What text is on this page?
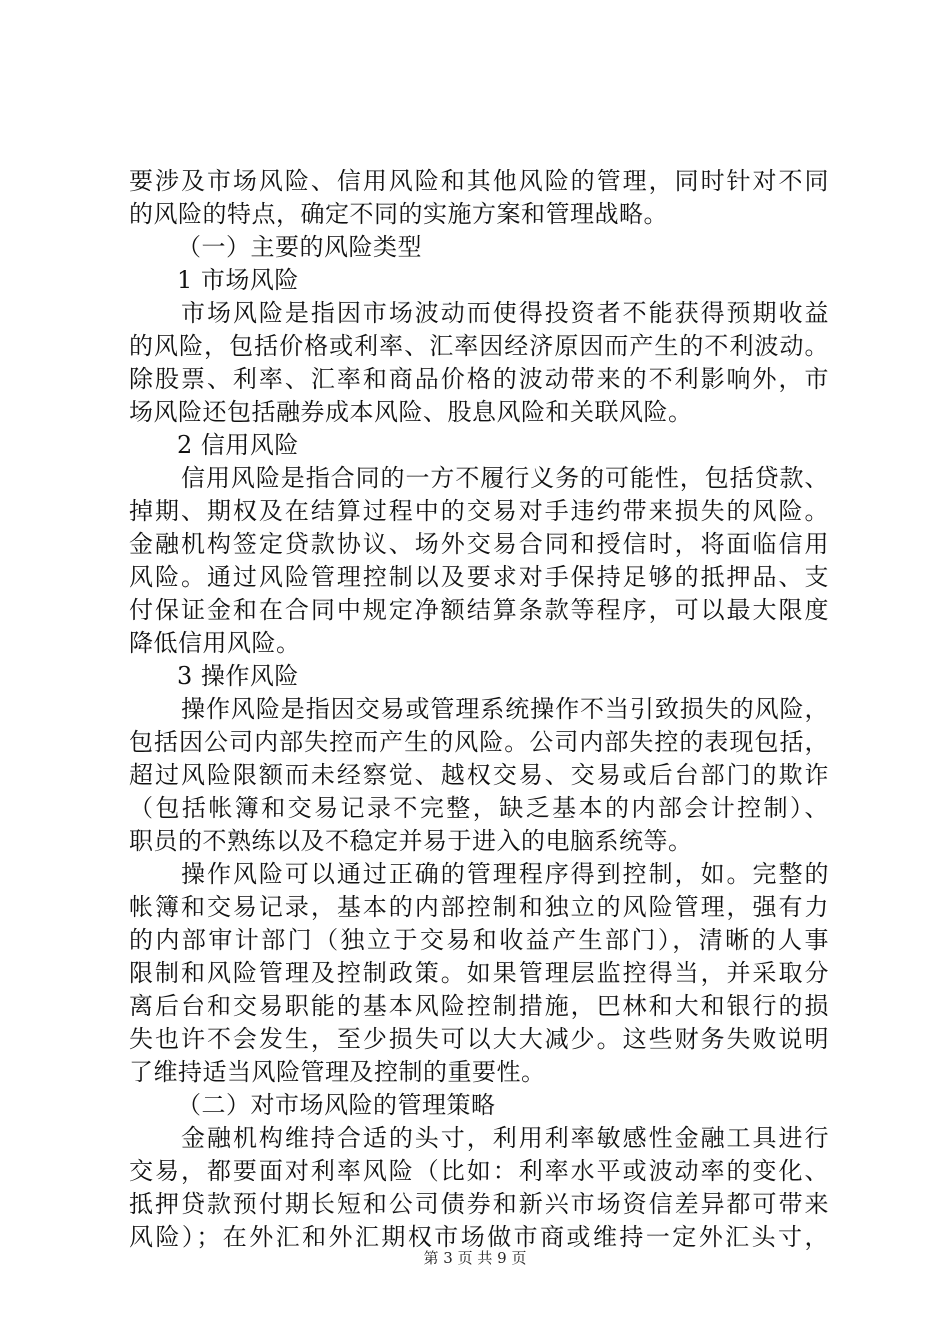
要涉及市场风险、信用风险和其他风险的管理，同时针对不同
的风险的特点，确定不同的实施方案和管理战略。
（一）主要的风险类型
1 市场风险
市场风险是指因市场波动而使得投资者不能获得预期收益
的风险，包括价格或利率、汇率因经济原因而产生的不利波动。
除股票、利率、汇率和商品价格的波动带来的不利影响外，市
场风险还包括融券成本风险、股息风险和关联风险。
2 信用风险
信用风险是指合同的一方不履行义务的可能性，包括贷款、
掉期、期权及在结算过程中的交易对手违约带来损失的风险。
金融机构签定贷款协议、场外交易合同和授信时，将面临信用
风险。通过风险管理控制以及要求对手保持足够的抵押品、支
付保证金和在合同中规定净额结算条款等程序，可以最大限度
降低信用风险。
3 操作风险
操作风险是指因交易或管理系统操作不当引致损失的风险，
包括因公司内部失控而产生的风险。公司内部失控的表现包括，
超过风险限额而未经察觉、越权交易、交易或后台部门的欺诈
（包括帐簿和交易记录不完整，缺乏基本的内部会计控制）、
职员的不熟练以及不稳定并易于进入的电脑系统等。
操作风险可以通过正确的管理程序得到控制，如。完整的
帐簿和交易记录，基本的内部控制和独立的风险管理，强有力
的内部审计部门（独立于交易和收益产生部门），清晰的人事
限制和风险管理及控制政策。如果管理层监控得当，并采取分
离后台和交易职能的基本风险控制措施，巴林和大和银行的损
失也许不会发生，至少损失可以大大减少。这些财务失败说明
了维持适当风险管理及控制的重要性。
（二）对市场风险的管理策略
金融机构维持合适的头寸，利用利率敏感性金融工具进行
交易，都要面对利率风险（比如：利率水平或波动率的变化、
抵押贷款预付期长短和公司债券和新兴市场资信差异都可带来
风险）；在外汇和外汇期权市场做市商或维持一定外汇头寸，
第 3 页 共 9 页
